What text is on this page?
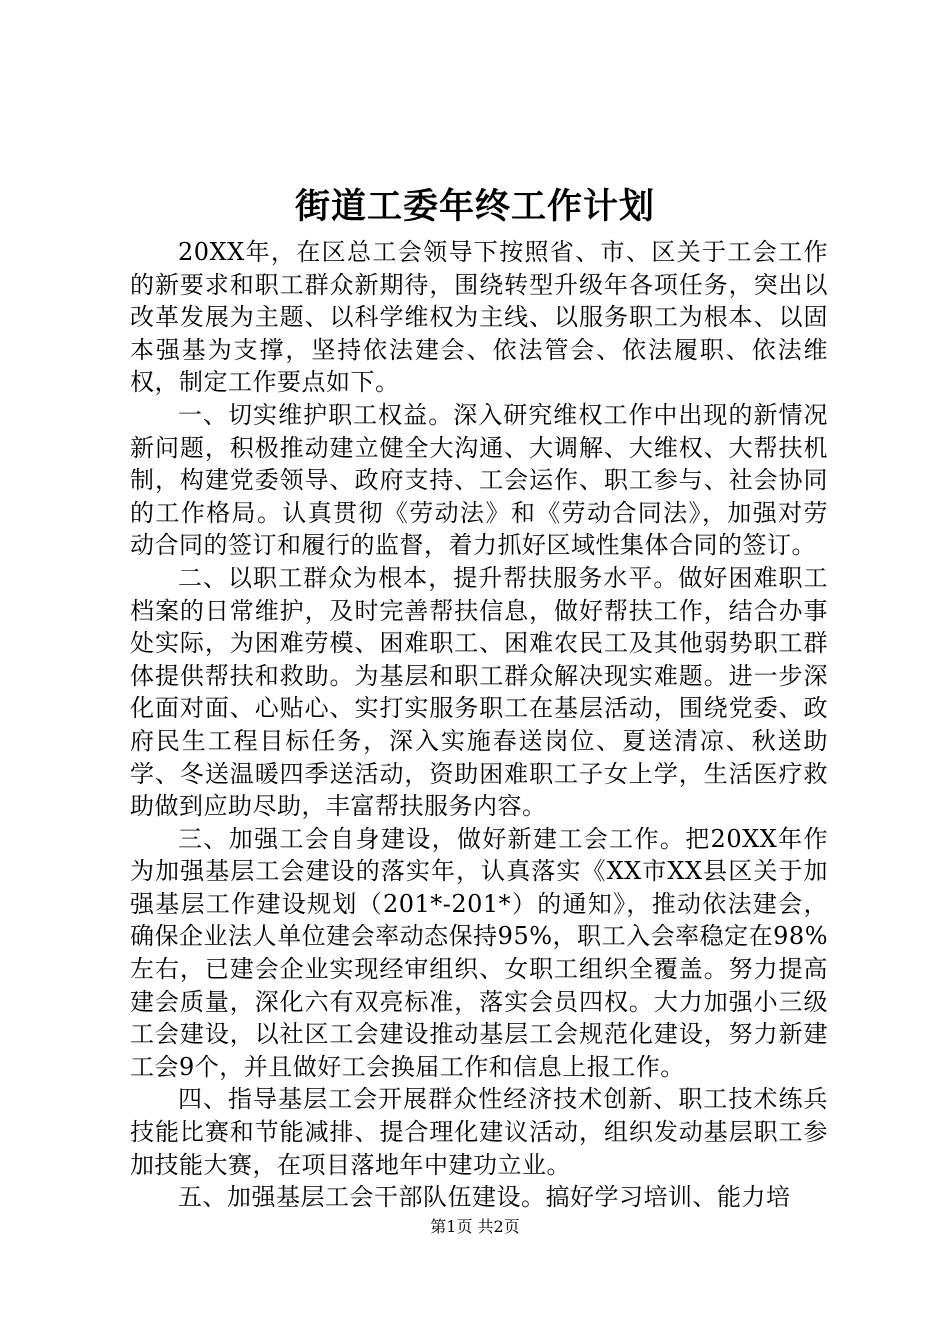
街道工委年终工作计划

20XX年，在区总工会领导下按照省、市、区关于工会工作的新要求和职工群众新期待，围绕转型升级年各项任务，突出以改革发展为主题、以科学维权为主线、以服务职工为根本、以固本强基为支撑，坚持依法建会、依法管会、依法履职、依法维权，制定工作要点如下。

一、切实维护职工权益。深入研究维权工作中出现的新情况新问题，积极推动建立健全大沟通、大调解、大维权、大帮扶机制，构建党委领导、政府支持、工会运作、职工参与、社会协同的工作格局。认真贯彻《劳动法》和《劳动合同法》，加强对劳动合同的签订和履行的监督，着力抓好区域性集体合同的签订。

二、以职工群众为根本，提升帮扶服务水平。做好困难职工档案的日常维护，及时完善帮扶信息，做好帮扶工作，结合办事处实际，为困难劳模、困难职工、困难农民工及其他弱势职工群体提供帮扶和救助。为基层和职工群众解决现实难题。进一步深化面对面、心贴心、实打实服务职工在基层活动，围绕党委、政府民生工程目标任务，深入实施春送岗位、夏送清凉、秋送助学、冬送温暖四季送活动，资助困难职工子女上学，生活医疗救助做到应助尽助，丰富帮扶服务内容。

三、加强工会自身建设，做好新建工会工作。把20XX年作为加强基层工会建设的落实年，认真落实《XX市XX县区关于加强基层工作建设规划（201*-201*）的通知》，推动依法建会，确保企业法人单位建会率动态保持95%，职工入会率稳定在98%左右，已建会企业实现经审组织、女职工组织全覆盖。努力提高建会质量，深化六有双亮标准，落实会员四权。大力加强小三级工会建设，以社区工会建设推动基层工会规范化建设，努力新建工会9个，并且做好工会换届工作和信息上报工作。

四、指导基层工会开展群众性经济技术创新、职工技术练兵技能比赛和节能减排、提合理化建议活动，组织发动基层职工参加技能大赛，在项目落地年中建功立业。

五、加强基层工会干部队伍建设。搞好学习培训、能力培

第1页 共2页
